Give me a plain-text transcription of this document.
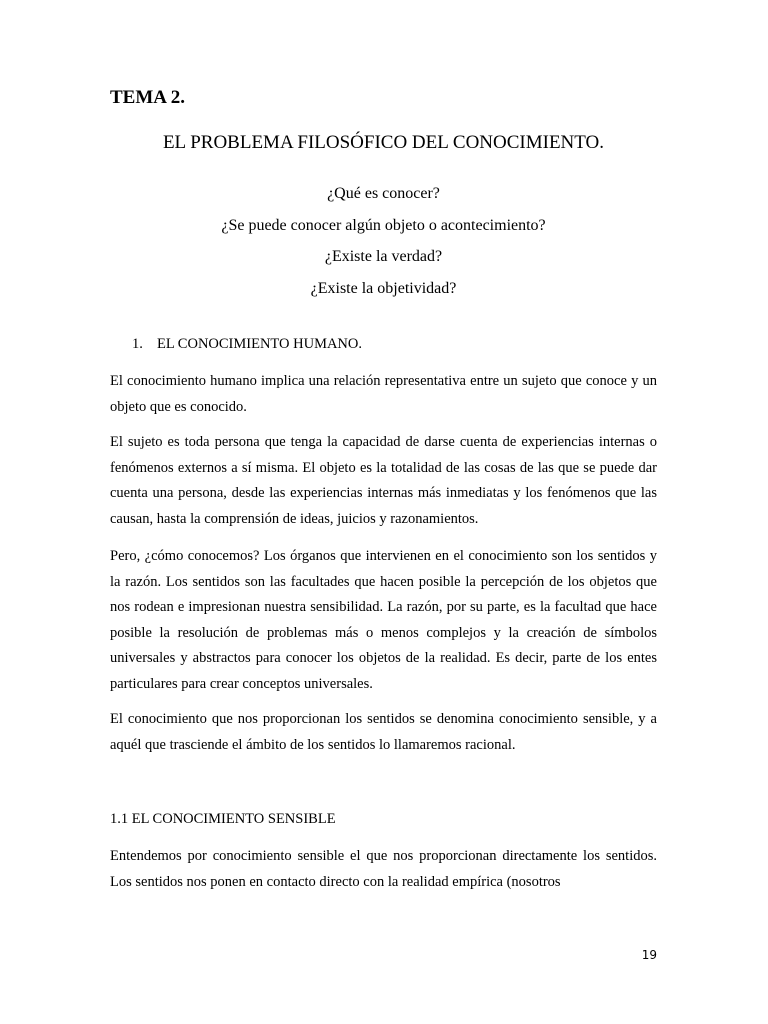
TEMA 2.
EL PROBLEMA FILOSÓFICO DEL CONOCIMIENTO.
¿Qué es conocer?
¿Se puede conocer algún objeto o acontecimiento?
¿Existe la verdad?
¿Existe la objetividad?
1. EL CONOCIMIENTO HUMANO.

El conocimiento humano implica una relación representativa entre un sujeto que conoce y un objeto que es conocido.

El sujeto es toda persona que tenga la capacidad de darse cuenta de experiencias internas o fenómenos externos a sí misma. El objeto es la totalidad de las cosas de las que se puede dar cuenta una persona, desde las experiencias internas más inmediatas y los fenómenos que las causan, hasta la comprensión de ideas, juicios y razonamientos.

Pero, ¿cómo conocemos? Los órganos que intervienen en el conocimiento son los sentidos y la razón. Los sentidos son las facultades que hacen posible la percepción de los objetos que nos rodean e impresionan nuestra sensibilidad. La razón, por su parte, es la facultad que hace posible la resolución de problemas más o menos complejos y la creación de símbolos universales y abstractos para conocer los objetos de la realidad. Es decir, parte de los entes particulares para crear conceptos universales.

El conocimiento que nos proporcionan los sentidos se denomina conocimiento sensible, y a aquél que trasciende el ámbito de los sentidos lo llamaremos racional.

1.1 EL CONOCIMIENTO SENSIBLE

Entendemos por conocimiento sensible el que nos proporcionan directamente los sentidos. Los sentidos nos ponen en contacto directo con la realidad empírica (nosotros

19
